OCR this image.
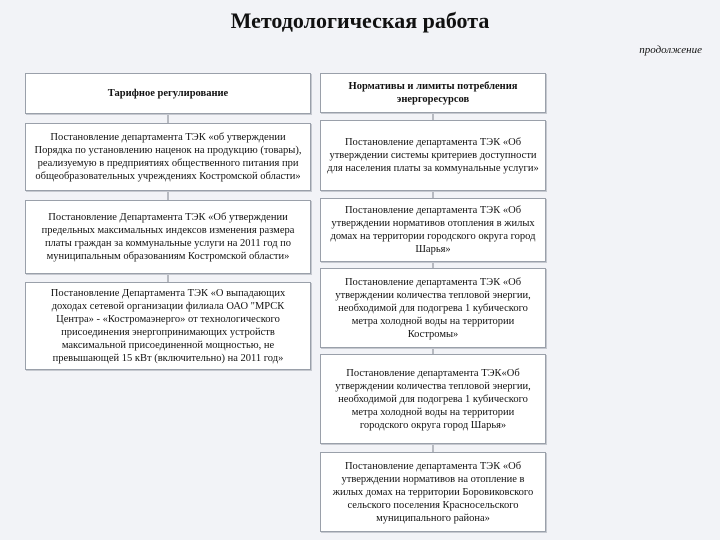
Методологическая работа
продолжение
Тарифное регулирование
Постановление департамента ТЭК «об утверждении Порядка по установлению наценок на продукцию (товары), реализуемую в предприятиях общественного питания при общеобразовательных учреждениях Костромской области»
Постановление Департамента ТЭК «Об утверждении предельных максимальных индексов изменения размера платы граждан за коммунальные услуги на 2011 год по муниципальным образованиям Костромской области»
Постановление Департамента ТЭК «О выпадающих доходах сетевой организации филиала ОАО "МРСК Центра» - «Костромаэнерго» от технологического присоединения энергопринимающих устройств максимальной присоединенной мощностью, не превышающей 15 кВт (включительно) на 2011 год»
Нормативы и лимиты потребления энергоресурсов
Постановление департамента ТЭК «Об утверждении системы критериев доступности для населения платы за коммунальные услуги»
Постановление департамента ТЭК «Об утверждении нормативов отопления в жилых домах на территории городского округа город Шарья»
Постановление департамента ТЭК «Об утверждении количества тепловой энергии, необходимой для подогрева 1 кубического метра холодной воды на территории Костромы»
Постановление департамента ТЭК«Об утверждении количества тепловой энергии, необходимой для подогрева 1 кубического метра холодной воды на территории городского округа город Шарья»
Постановление департамента ТЭК «Об утверждении нормативов на отопление в жилых домах на территории Боровиковского сельского поселения Красносельского муниципального района»
